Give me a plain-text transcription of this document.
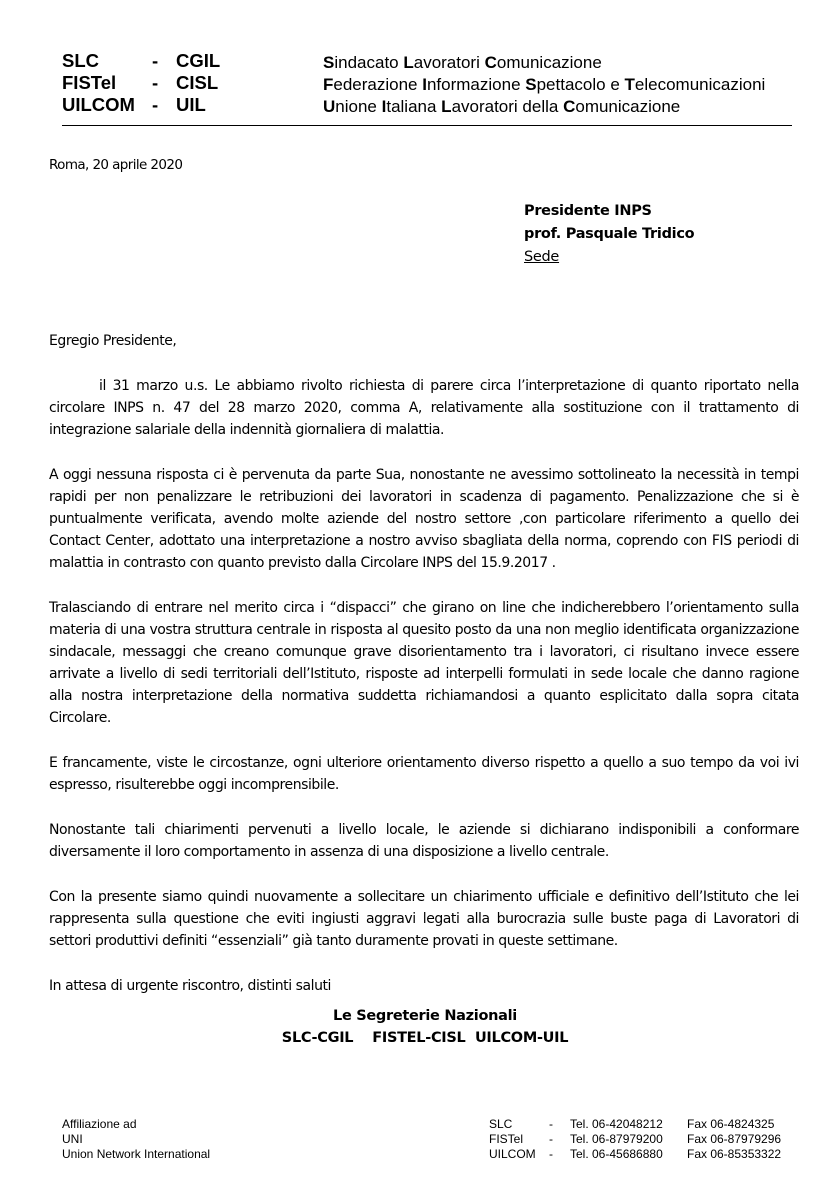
SLC	- CGIL
FISTel	- CISL
UILCOM - UIL
Sindacato Lavoratori Comunicazione
Federazione Informazione Spettacolo e Telecomunicazioni
Unione Italiana Lavoratori della Comunicazione
Roma, 20 aprile 2020
Presidente INPS
prof. Pasquale Tridico
Sede

Egregio Presidente,

il 31 marzo u.s. Le abbiamo rivolto richiesta di parere circa l’interpretazione di quanto riportato nella circolare INPS n. 47 del 28 marzo 2020, comma A, relativamente alla sostituzione con il trattamento di integrazione salariale della indennità giornaliera di malattia.

A oggi nessuna risposta ci è pervenuta da parte Sua, nonostante ne avessimo sottolineato la necessità in tempi rapidi per non penalizzare le retribuzioni dei lavoratori in scadenza di pagamento. Penalizzazione che si è puntualmente verificata, avendo molte aziende del nostro settore ,con particolare riferimento a quello dei Contact Center, adottato una interpretazione a nostro avviso sbagliata della norma, coprendo con FIS periodi di malattia in contrasto con quanto previsto dalla Circolare INPS del 15.9.2017 .

Tralasciando di entrare nel merito circa i “dispacci” che girano on line che indicherebbero l’orientamento sulla materia di una vostra struttura centrale in risposta al quesito posto da una non meglio identificata organizzazione sindacale, messaggi che creano comunque grave disorientamento tra i lavoratori, ci risultano invece essere arrivate a livello di sedi territoriali dell’Istituto, risposte ad interpelli formulati in sede locale che danno ragione alla nostra interpretazione della normativa suddetta richiamandosi a quanto esplicitato dalla sopra citata Circolare.

E francamente, viste le circostanze, ogni ulteriore orientamento diverso rispetto a quello a suo tempo da voi ivi espresso, risulterebbe oggi incomprensibile.

Nonostante tali chiarimenti pervenuti a livello locale, le aziende si dichiarano indisponibili a conformare diversamente il loro comportamento in assenza di una disposizione a livello centrale.

Con la presente siamo quindi nuovamente a sollecitare un chiarimento ufficiale e definitivo dell’Istituto che lei rappresenta sulla questione che eviti ingiusti aggravi legati alla burocrazia sulle buste paga di Lavoratori di settori produttivi definiti “essenziali” già tanto duramente provati in queste settimane.

In attesa di urgente riscontro, distinti saluti

Le Segreterie Nazionali
SLC-CGIL    FISTEL-CISL  UILCOM-UIL
Affiliazione ad
UNI
Union Network International
SLC	-	Tel. 06-42048212	Fax 06-4824325
FISTel	-	Tel. 06-87979200	Fax 06-87979296
UILCOM	-	Tel. 06-45686880	Fax 06-85353322
